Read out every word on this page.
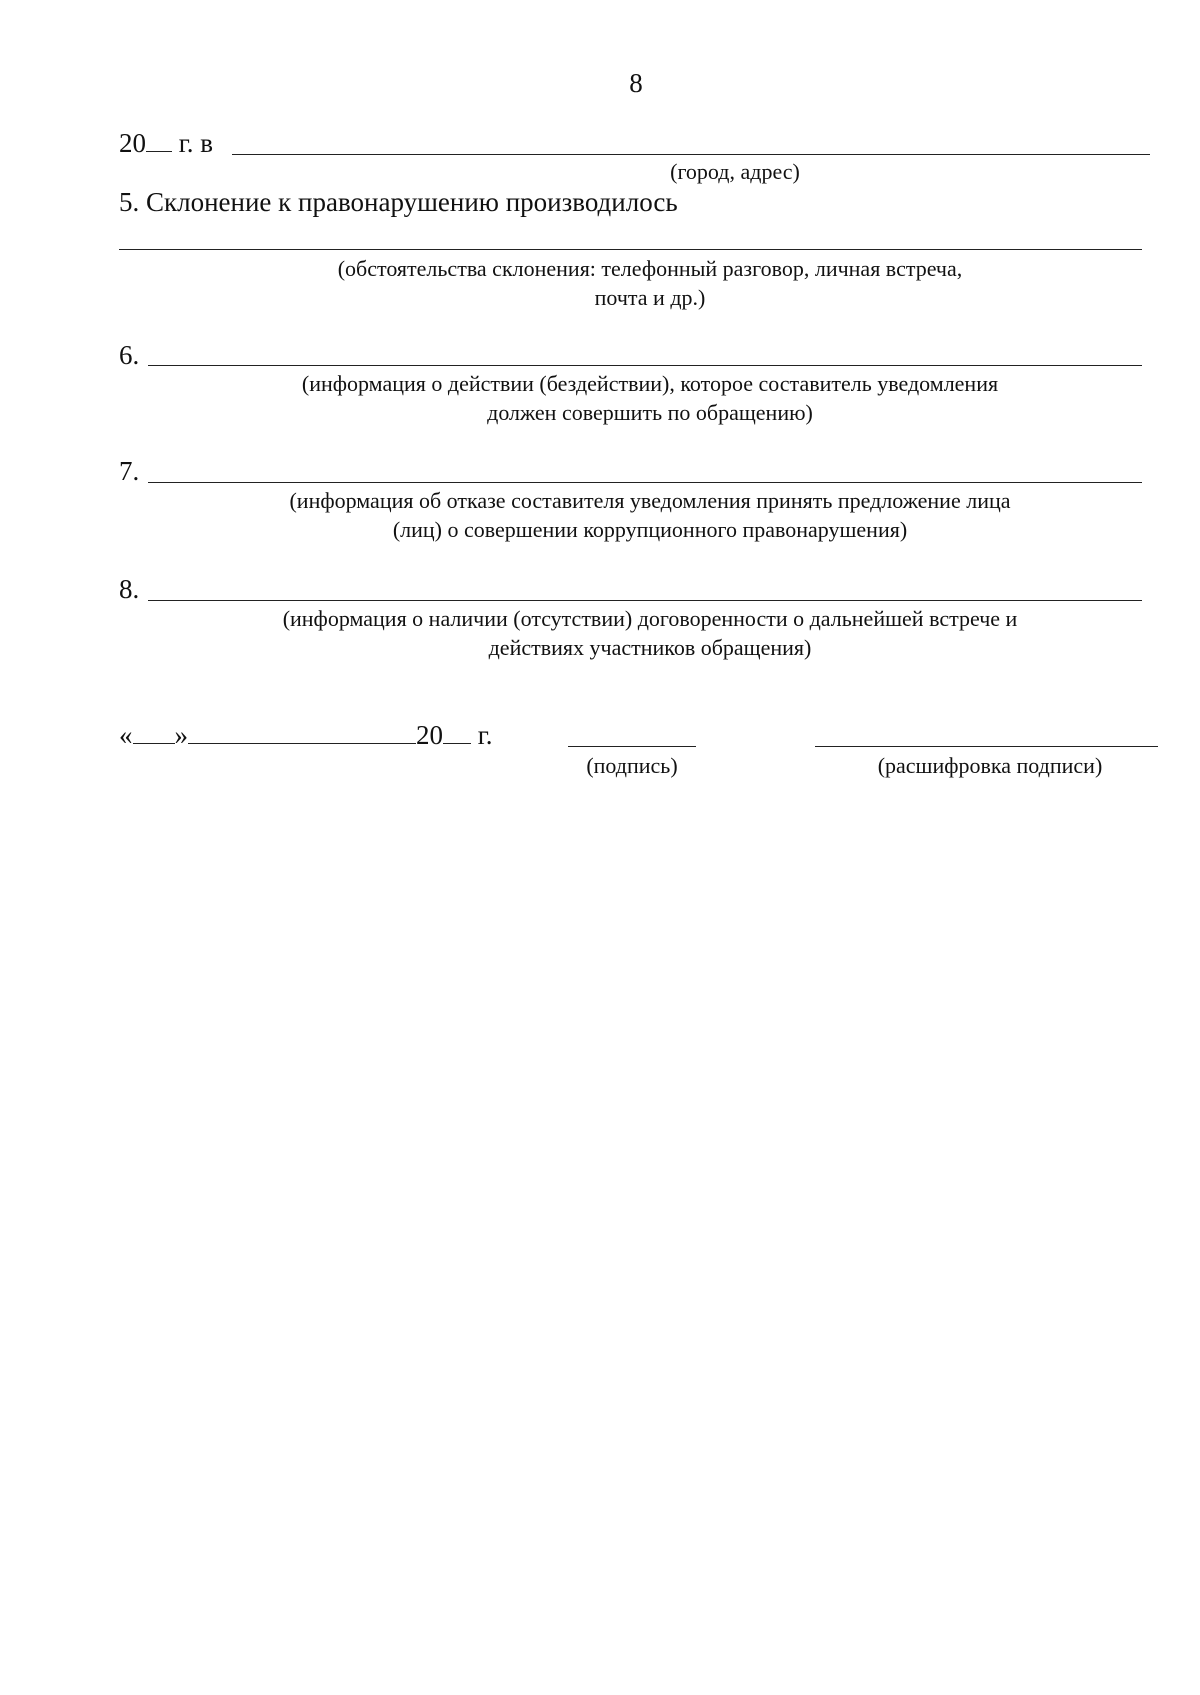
8
20 г. в
(город, адрес)
5. Склонение к правонарушению производилось
(обстоятельства склонения: телефонный разговор, личная встреча,
почта и др.)
6.
(информация о действии (бездействии), которое составитель уведомления
должен совершить по обращению)
7.
(информация об отказе составителя уведомления принять предложение лица
(лиц) о совершении коррупционного правонарушения)
8.
(информация о наличии (отсутствии) договоренности о дальнейшей встрече и
действиях участников обращения)
« »	20 г.
(подпись)	(расшифровка подписи)
